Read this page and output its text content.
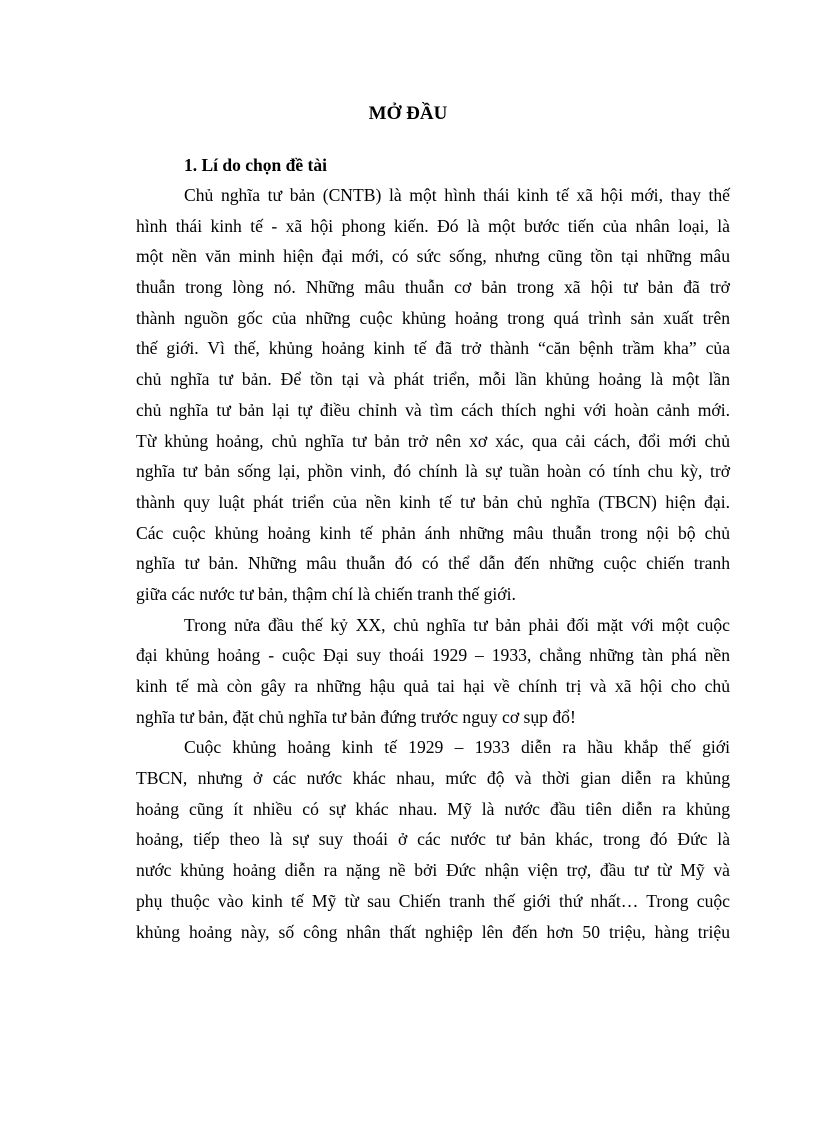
MỞ ĐẦU
1. Lí do chọn đề tài
Chủ nghĩa tư bản (CNTB) là một hình thái kinh tế xã hội mới, thay thế
hình thái kinh tế - xã hội phong kiến. Đó là một bước tiến của nhân loại, là
một nền văn minh hiện đại mới, có sức sống, nhưng cũng tồn tại những mâu
thuẫn trong lòng nó. Những mâu thuẫn cơ bản trong xã hội tư bản đã trở
thành nguồn gốc của những cuộc khủng hoảng trong quá trình sản xuất trên
thế giới. Vì thế, khủng hoảng kinh tế đã trở thành “căn bệnh trầm kha” của
chủ nghĩa tư bản. Để tồn tại và phát triển, mỗi lần khủng hoảng là một lần
chủ nghĩa tư bản lại tự điều chỉnh và tìm cách thích nghi với hoàn cảnh mới.
Từ khủng hoảng, chủ nghĩa tư bản trở nên xơ xác, qua cải cách, đổi mới chủ
nghĩa tư bản sống lại, phồn vinh, đó chính là sự tuần hoàn có tính chu kỳ, trở
thành quy luật phát triển của nền kinh tế tư bản chủ nghĩa (TBCN) hiện đại.
Các cuộc khủng hoảng kinh tế phản ánh những mâu thuẫn trong nội bộ chủ
nghĩa tư bản. Những mâu thuẫn đó có thể dẫn đến những cuộc chiến tranh
giữa các nước tư bản, thậm chí là chiến tranh thế giới.
Trong nửa đầu thế kỷ XX, chủ nghĩa tư bản phải đối mặt với một cuộc
đại khủng hoảng - cuộc Đại suy thoái 1929 – 1933, chẳng những tàn phá nền
kinh tế mà còn gây ra những hậu quả tai hại về chính trị và xã hội cho chủ
nghĩa tư bản, đặt chủ nghĩa tư bản đứng trước nguy cơ sụp đổ!
Cuộc khủng hoảng kinh tế 1929 – 1933 diễn ra hầu khắp thế giới
TBCN, nhưng ở các nước khác nhau, mức độ và thời gian diễn ra khủng
hoảng cũng ít nhiều có sự khác nhau. Mỹ là nước đầu tiên diễn ra khủng
hoảng, tiếp theo là sự suy thoái ở các nước tư bản khác, trong đó Đức là
nước khủng hoảng diễn ra nặng nề bởi Đức nhận viện trợ, đầu tư từ Mỹ và
phụ thuộc vào kinh tế Mỹ từ sau Chiến tranh thế giới thứ nhất… Trong cuộc
khủng hoảng này, số công nhân thất nghiệp lên đến hơn 50 triệu, hàng triệu
